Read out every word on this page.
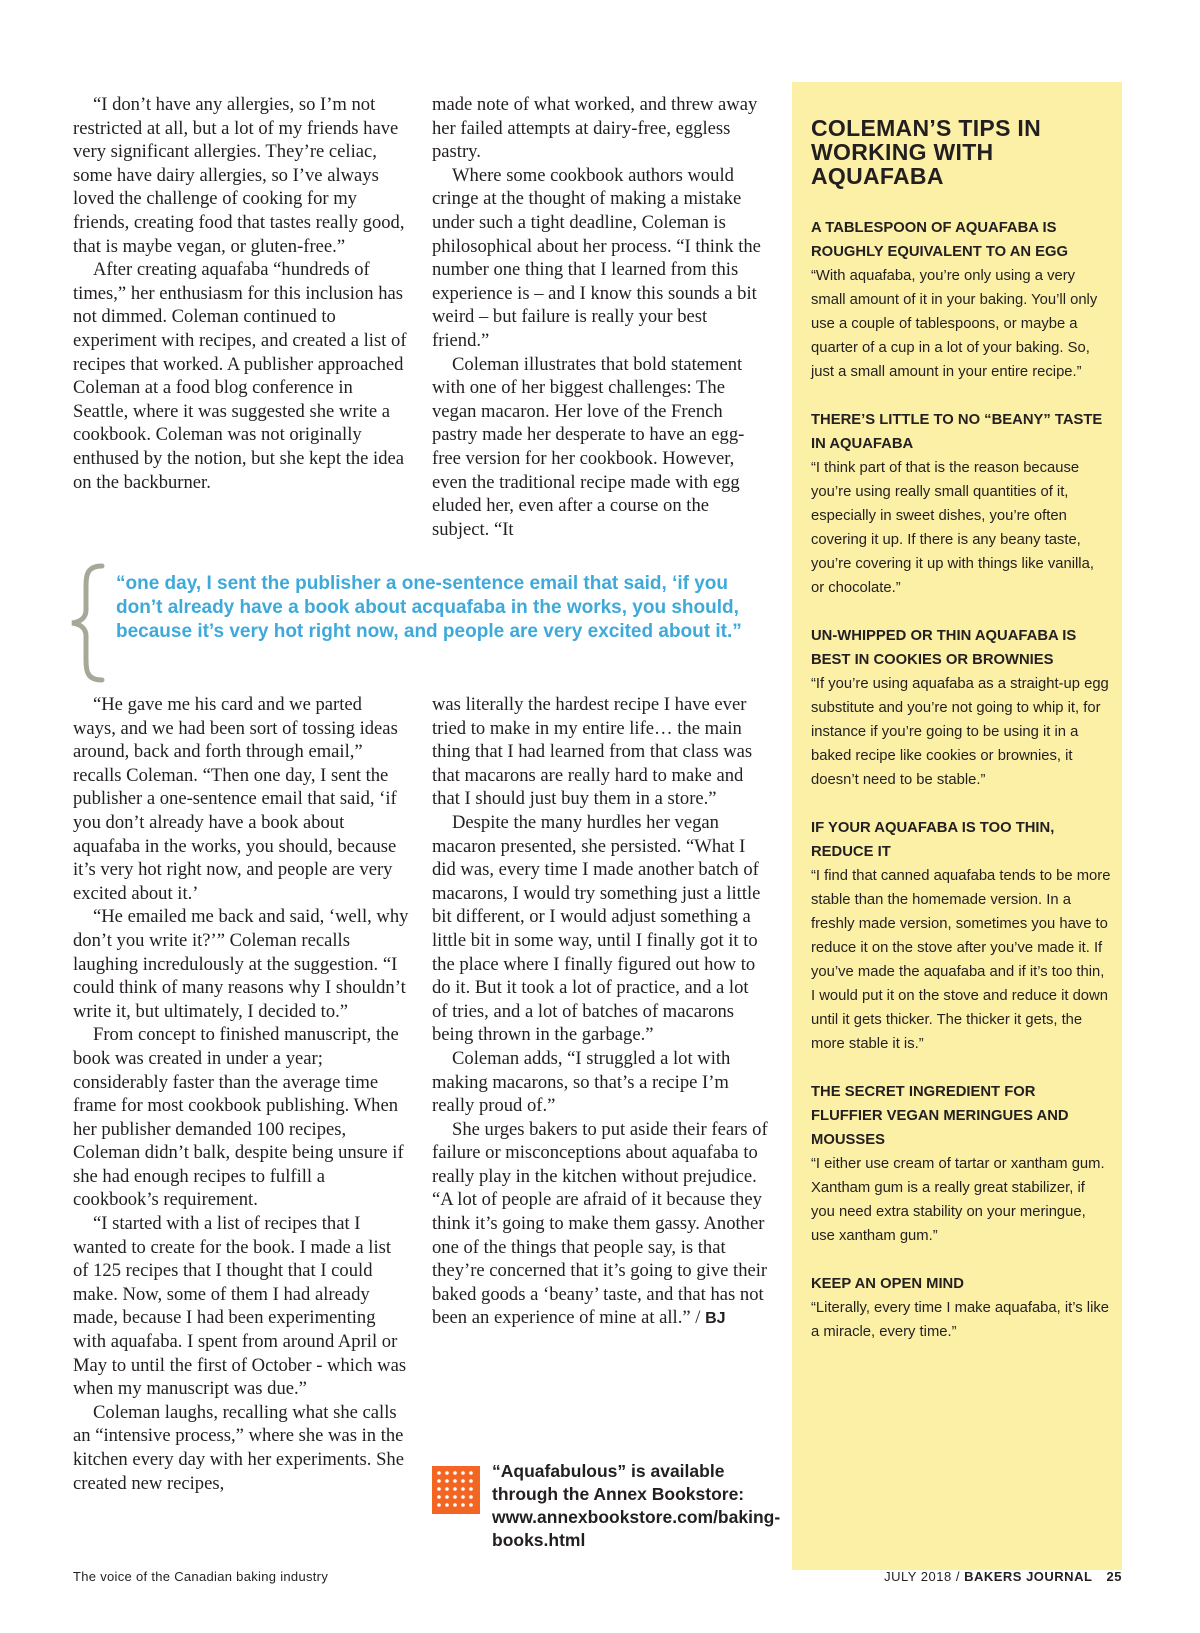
“I don’t have any allergies, so I’m not restricted at all, but a lot of my friends have very significant allergies. They’re celiac, some have dairy allergies, so I’ve always loved the challenge of cooking for my friends, creating food that tastes really good, that is maybe vegan, or gluten-free.”

After creating aquafaba “hundreds of times,” her enthusiasm for this inclusion has not dimmed. Coleman continued to experiment with recipes, and created a list of recipes that worked. A publisher approached Coleman at a food blog conference in Seattle, where it was suggested she write a cookbook. Coleman was not originally enthused by the notion, but she kept the idea on the backburner.

made note of what worked, and threw away her failed attempts at dairy-free, eggless pastry.

Where some cookbook authors would cringe at the thought of making a mistake under such a tight deadline, Coleman is philosophical about her process. “I think the number one thing that I learned from this experience is – and I know this sounds a bit weird – but failure is really your best friend.”

Coleman illustrates that bold statement with one of her biggest challenges: The vegan macaron. Her love of the French pastry made her desperate to have an egg-free version for her cookbook. However, even the traditional recipe made with egg eluded her, even after a course on the subject. “It

“one day, I sent the publisher a one-sentence email that said, ‘if you don’t already have a book about acquafaba in the works, you should, because it’s very hot right now, and people are very excited about it.”

“He gave me his card and we parted ways, and we had been sort of tossing ideas around, back and forth through email,” recalls Coleman. “Then one day, I sent the publisher a one-sentence email that said, ‘if you don’t already have a book about aquafaba in the works, you should, because it’s very hot right now, and people are very excited about it.’

“He emailed me back and said, ‘well, why don’t you write it?’” Coleman recalls laughing incredulously at the suggestion. “I could think of many reasons why I shouldn’t write it, but ultimately, I decided to.”

From concept to finished manuscript, the book was created in under a year; considerably faster than the average time frame for most cookbook publishing. When her publisher demanded 100 recipes, Coleman didn’t balk, despite being unsure if she had enough recipes to fulfill a cookbook’s requirement.

“I started with a list of recipes that I wanted to create for the book. I made a list of 125 recipes that I thought that I could make. Now, some of them I had already made, because I had been experimenting with aquafaba. I spent from around April or May to until the first of October - which was when my manuscript was due.”

Coleman laughs, recalling what she calls an “intensive process,” where she was in the kitchen every day with her experiments. She created new recipes,

was literally the hardest recipe I have ever tried to make in my entire life… the main thing that I had learned from that class was that macarons are really hard to make and that I should just buy them in a store.”

Despite the many hurdles her vegan macaron presented, she persisted. “What I did was, every time I made another batch of macarons, I would try something just a little bit different, or I would adjust something a little bit in some way, until I finally got it to the place where I finally figured out how to do it. But it took a lot of practice, and a lot of tries, and a lot of batches of macarons being thrown in the garbage.”

Coleman adds, “I struggled a lot with making macarons, so that’s a recipe I’m really proud of.”

She urges bakers to put aside their fears of failure or misconceptions about aquafaba to really play in the kitchen without prejudice. “A lot of people are afraid of it because they think it’s going to make them gassy. Another one of the things that people say, is that they’re concerned that it’s going to give their baked goods a ‘beany’ taste, and that has not been an experience of mine at all.” / BJ

“Aquafabulous” is available through the Annex Bookstore: www.annexbookstore.com/baking-books.html
COLEMAN’S TIPS IN WORKING WITH AQUAFABA
A TABLESPOON OF AQUAFABA IS ROUGHLY EQUIVALENT TO AN EGG
“With aquafaba, you’re only using a very small amount of it in your baking. You’ll only use a couple of tablespoons, or maybe a quarter of a cup in a lot of your baking. So, just a small amount in your entire recipe.”
THERE’S LITTLE TO NO “BEANY” TASTE IN AQUAFABA
“I think part of that is the reason because you’re using really small quantities of it, especially in sweet dishes, you’re often covering it up. If there is any beany taste, you’re covering it up with things like vanilla, or chocolate.”
UN-WHIPPED OR THIN AQUAFABA IS BEST IN COOKIES OR BROWNIES
“If you’re using aquafaba as a straight-up egg substitute and you’re not going to whip it, for instance if you’re going to be using it in a baked recipe like cookies or brownies, it doesn’t need to be stable.”
IF YOUR AQUAFABA IS TOO THIN, REDUCE IT
“I find that canned aquafaba tends to be more stable than the homemade version. In a freshly made version, sometimes you have to reduce it on the stove after you’ve made it. If you’ve made the aquafaba and if it’s too thin, I would put it on the stove and reduce it down until it gets thicker. The thicker it gets, the more stable it is.”
THE SECRET INGREDIENT FOR FLUFFIER VEGAN MERINGUES AND MOUSSES
“I either use cream of tartar or xantham gum. Xantham gum is a really great stabilizer, if you need extra stability on your meringue, use xantham gum.”
KEEP AN OPEN MIND
“Literally, every time I make aquafaba, it’s like a miracle, every time.”
The voice of the Canadian baking industry	JULY 2018 / BAKERS JOURNAL 25
